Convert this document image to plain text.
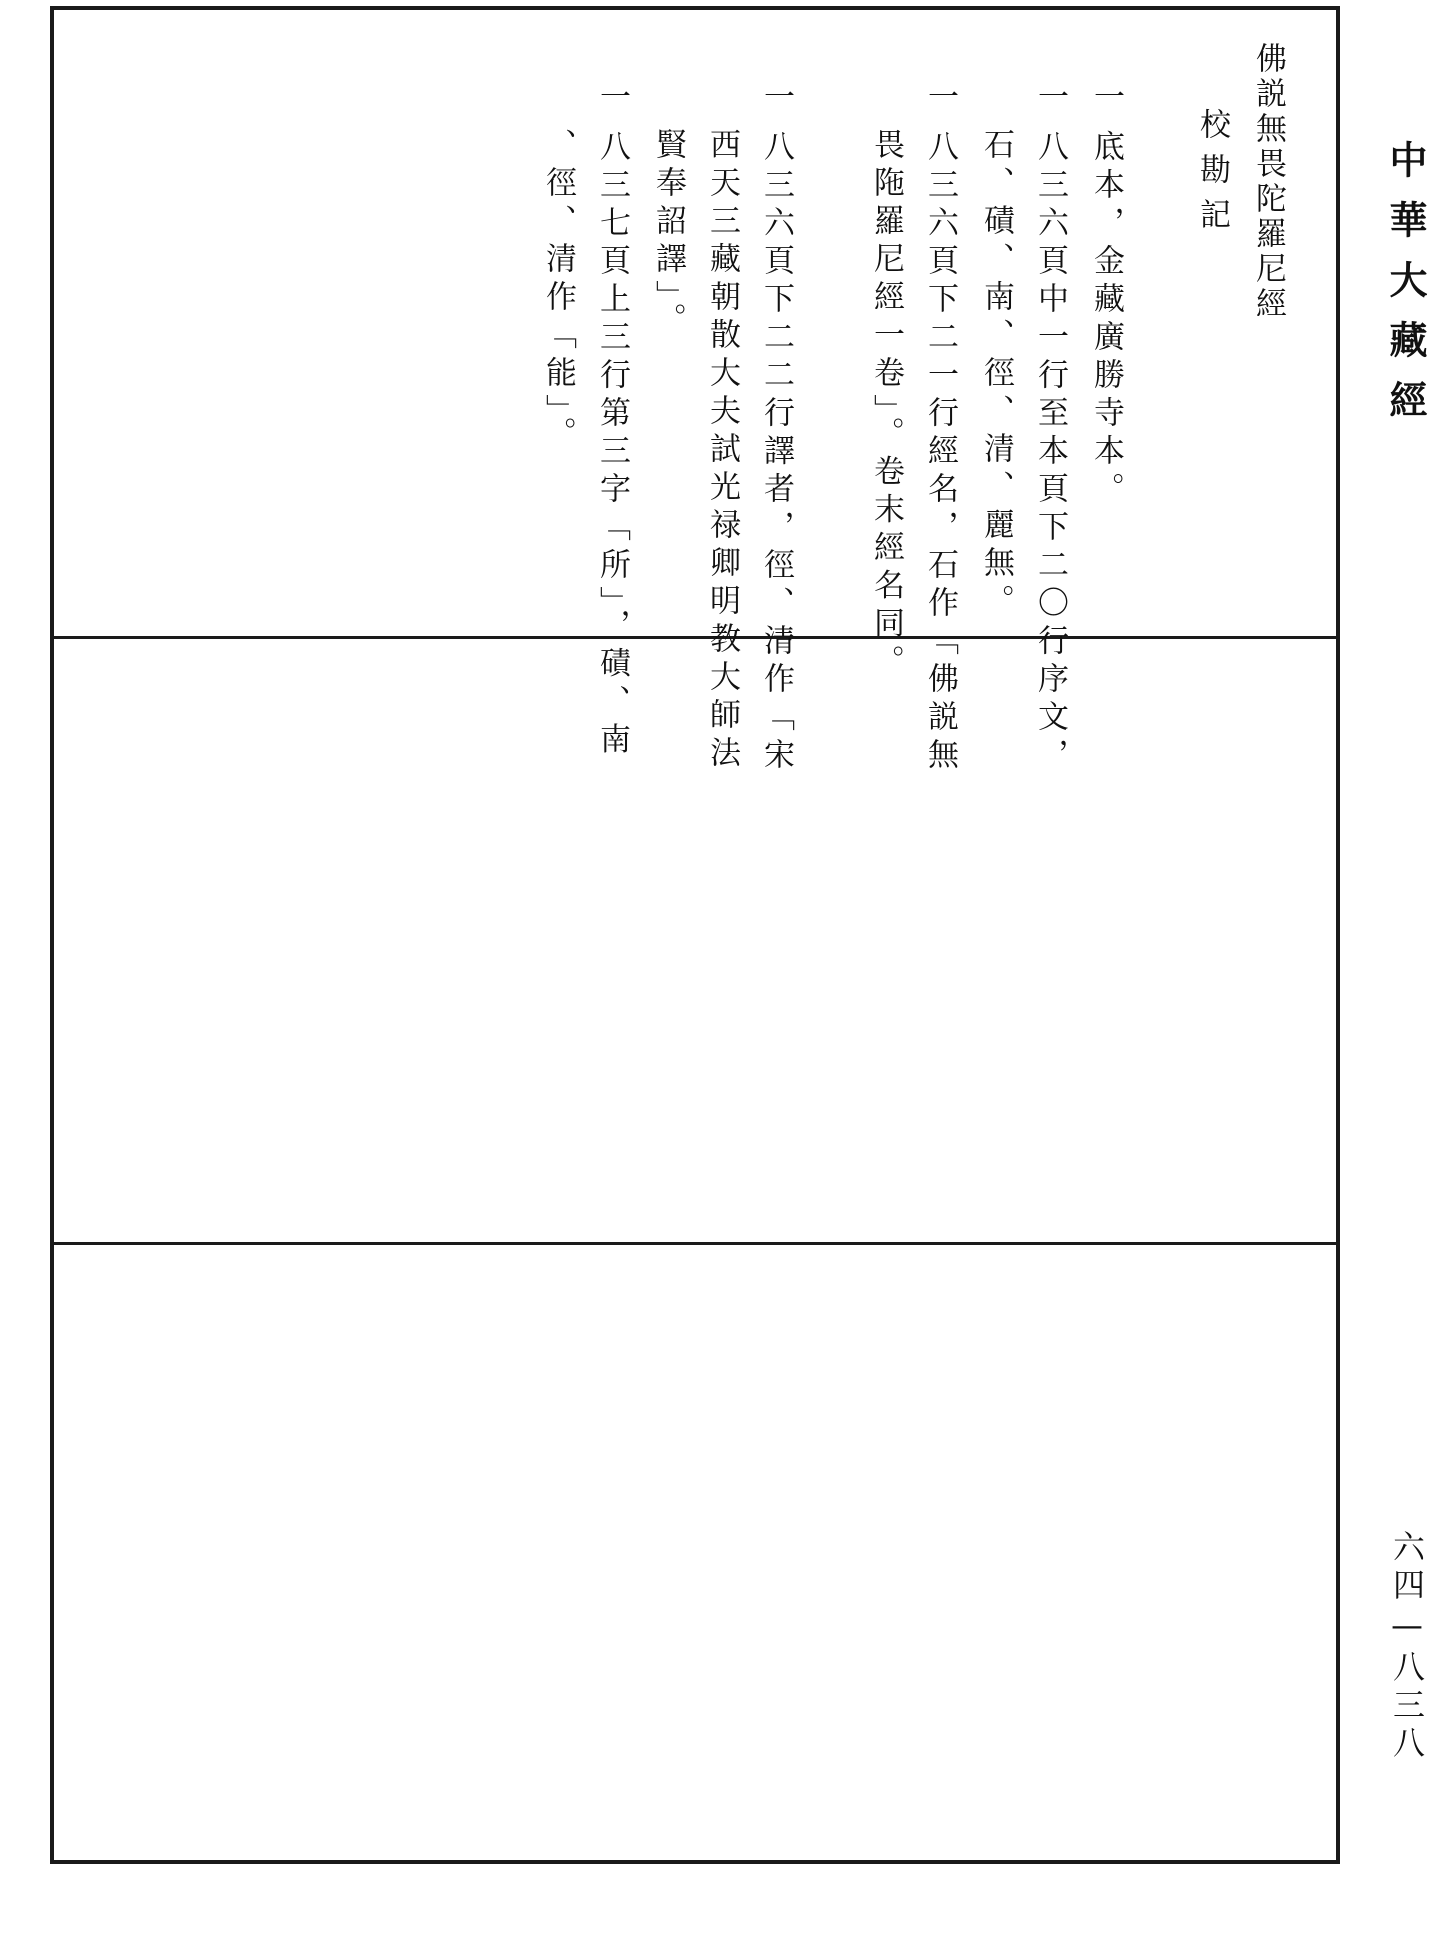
佛説無畏陀羅尼經
校勘記
一底本，金藏廣勝寺本。
一八三六頁中一行至本頁下二〇行序文，
一八三六頁下二一行經名，石作「佛説無
一八三六頁下二二行譯者，徑、清作「宋
一八三七頁上三行第三字「所」，磧、南	中華大藏經
六四—八三八
石、磧、南、徑、清、麗無。
畏陁羅尼經一卷」。卷末經名同。
西天三藏朝散大夫試光禄卿明教大師法
賢奉詔譯」。
、徑、清作「能」。
